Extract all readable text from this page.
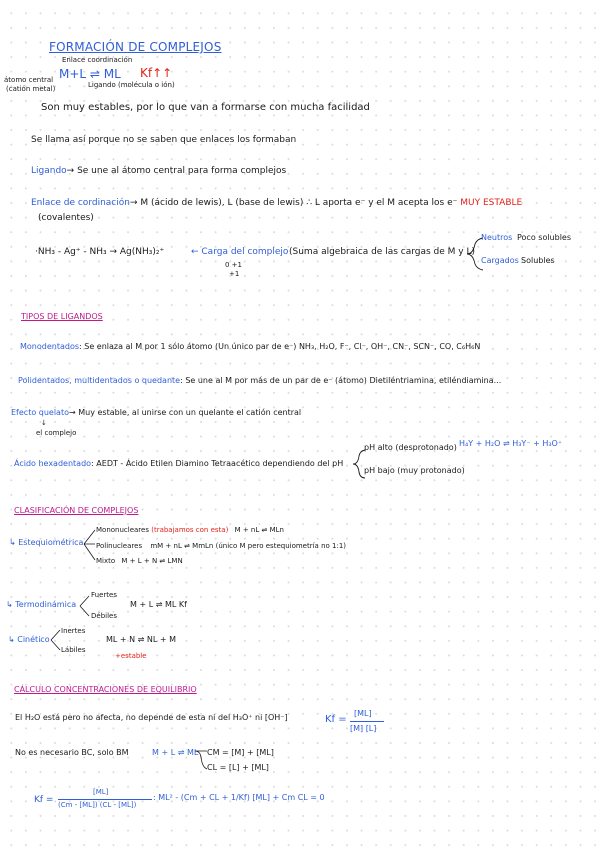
FORMACIÓN DE COMPLEJOS
Enlace coordinación
átomo central
(catión metal)
M+L ⇌ ML Kf↑↑
Ligando (molécula o ión)
Son muy estables, por lo que van a formarse con mucha facilidad
Se llama así porque no se saben que enlaces los formaban
Ligando→ Se une al átomo central para forma complejos
Enlace de cordinación→ M (ácido de lewis), L (base de lewis) ∴ L aporta e⁻ y el M acepta los e⁻ MUY ESTABLE
(covalentes)
·NH₃ - Ag⁺ - NH₃ → Ag(NH₃)₂⁺	← Carga del complejo (Suma algebraica de las cargas de M y L)
0 +1
+1
Neutros Poco solubles
Cargados Solubles
TIPOS DE LIGANDOS
Monodentados: Se enlaza al M por 1 sólo átomo (Un único par de e⁻) NH₃, H₂O, F⁻, Cl⁻, OH⁻, CN⁻, SCN⁻, CO, C₆H₆N
Polidentados, multidentados o quedante: Se une al M por más de un par de e⁻ (átomo) Dietiléntriamina, etiléndiamina...
Efecto quelato→ Muy estable, al unirse con un quelante el catión central
↓
el complejo
Ácido hexadentado: AEDT - Ácido Etilen Diamino Tetraacético dependiendo del pH
pH alto (desprotonado) H₄Y + H₂O ⇌ H₃Y⁻ + H₃O⁺
pH bajo (muy protonado)
CLASIFICACIÓN DE COMPLEJOS
↳ Estequiométrica
Mononucleares (trabajamos con esta) M + nL ⇌ MLn
Polinucleares mM + nL ⇌ MmLn (único M pero estequiometría no 1:1)
Mixto M + L + N ⇌ LMN
↳ Termodinámica
Fuertes
Débiles
M + L ⇌ ML Kf
↳ Cinético
Inertes
Lábiles
ML + N ⇌ NL + M
+estable
CÁLCULO CONCENTRACIONES DE EQUILIBRIO
El H₂O está pero no afecta, no depende de esta ni del H₃O⁺ ni [OH⁻]	Kf =
[ML]
[M] [L]
No es necesario BC, solo BM	M + L ⇌ ML CM = [M] + [ML]
CL = [L] + [ML]
Kf =
[ML]
(Cm - [ML]) (CL - [ML])
: ML² - (Cm + CL + 1/Kf) [ML] + Cm CL = 0
